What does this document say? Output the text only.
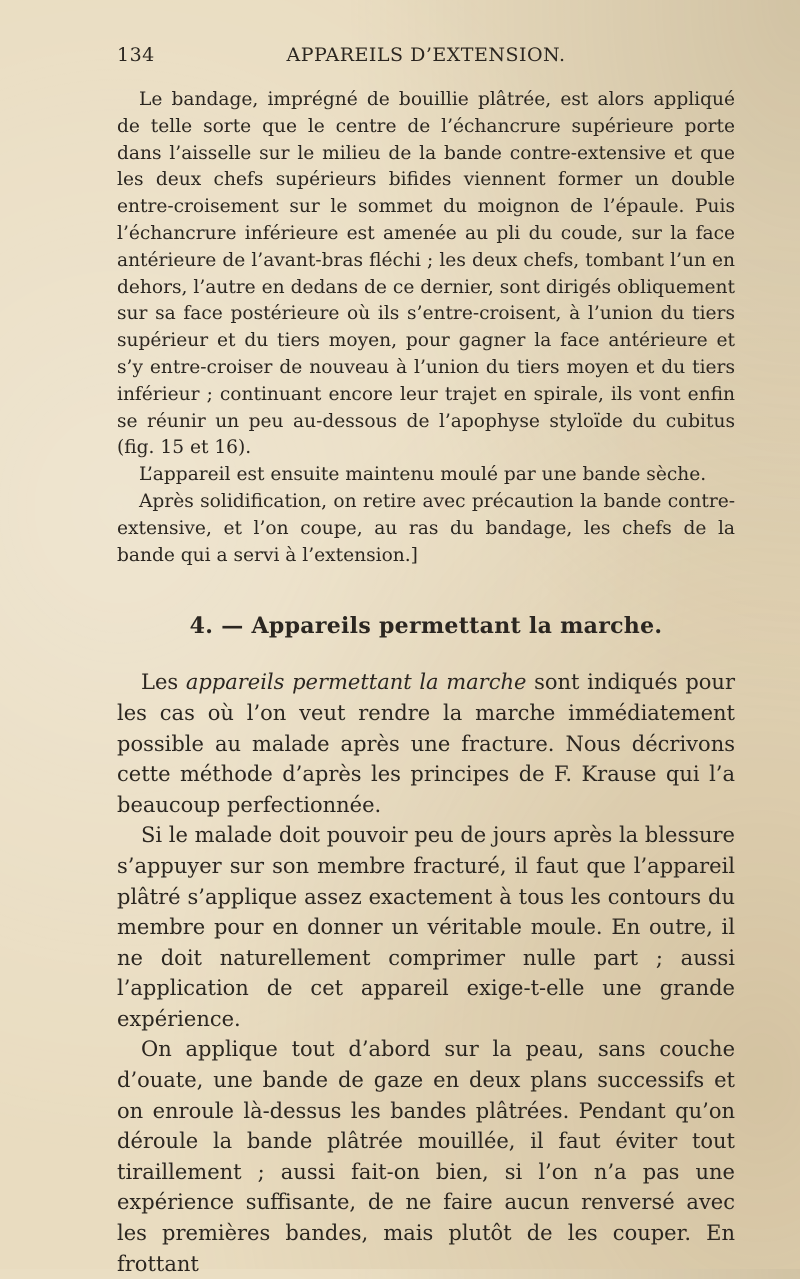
134	APPAREILS D’EXTENSION.

Le bandage, imprégné de bouillie plâtrée, est alors appliqué de telle sorte que le centre de l’échancrure supérieure porte dans l’aisselle sur le milieu de la bande contre-extensive et que les deux chefs supérieurs bifides viennent former un double entre-croisement sur le sommet du moignon de l’épaule. Puis l’échancrure inférieure est amenée au pli du coude, sur la face antérieure de l’avant-bras fléchi ; les deux chefs, tombant l’un en dehors, l’autre en dedans de ce dernier, sont dirigés obliquement sur sa face postérieure où ils s’entre-croisent, à l’union du tiers supérieur et du tiers moyen, pour gagner la face antérieure et s’y entre-croiser de nouveau à l’union du tiers moyen et du tiers inférieur ; continuant encore leur trajet en spirale, ils vont enfin se réunir un peu au-dessous de l’apophyse styloïde du cubitus (fig. 15 et 16).

L’appareil est ensuite maintenu moulé par une bande sèche.

Après solidification, on retire avec précaution la bande contre-extensive, et l’on coupe, au ras du bandage, les chefs de la bande qui a servi à l’extension.]

4. — Appareils permettant la marche.

Les appareils permettant la marche sont indiqués pour les cas où l’on veut rendre la marche immédiatement possible au malade après une fracture. Nous décrivons cette méthode d’après les principes de F. Krause qui l’a beaucoup perfectionnée.

Si le malade doit pouvoir peu de jours après la blessure s’appuyer sur son membre fracturé, il faut que l’appareil plâtré s’applique assez exactement à tous les contours du membre pour en donner un véritable moule. En outre, il ne doit naturellement comprimer nulle part ; aussi l’application de cet appareil exige-t-elle une grande expérience.

On applique tout d’abord sur la peau, sans couche d’ouate, une bande de gaze en deux plans successifs et on enroule là-dessus les bandes plâtrées. Pendant qu’on déroule la bande plâtrée mouillée, il faut éviter tout tiraillement ; aussi fait-on bien, si l’on n’a pas une expérience suffisante, de ne faire aucun renversé avec les premières bandes, mais plutôt de les couper. En frottant
